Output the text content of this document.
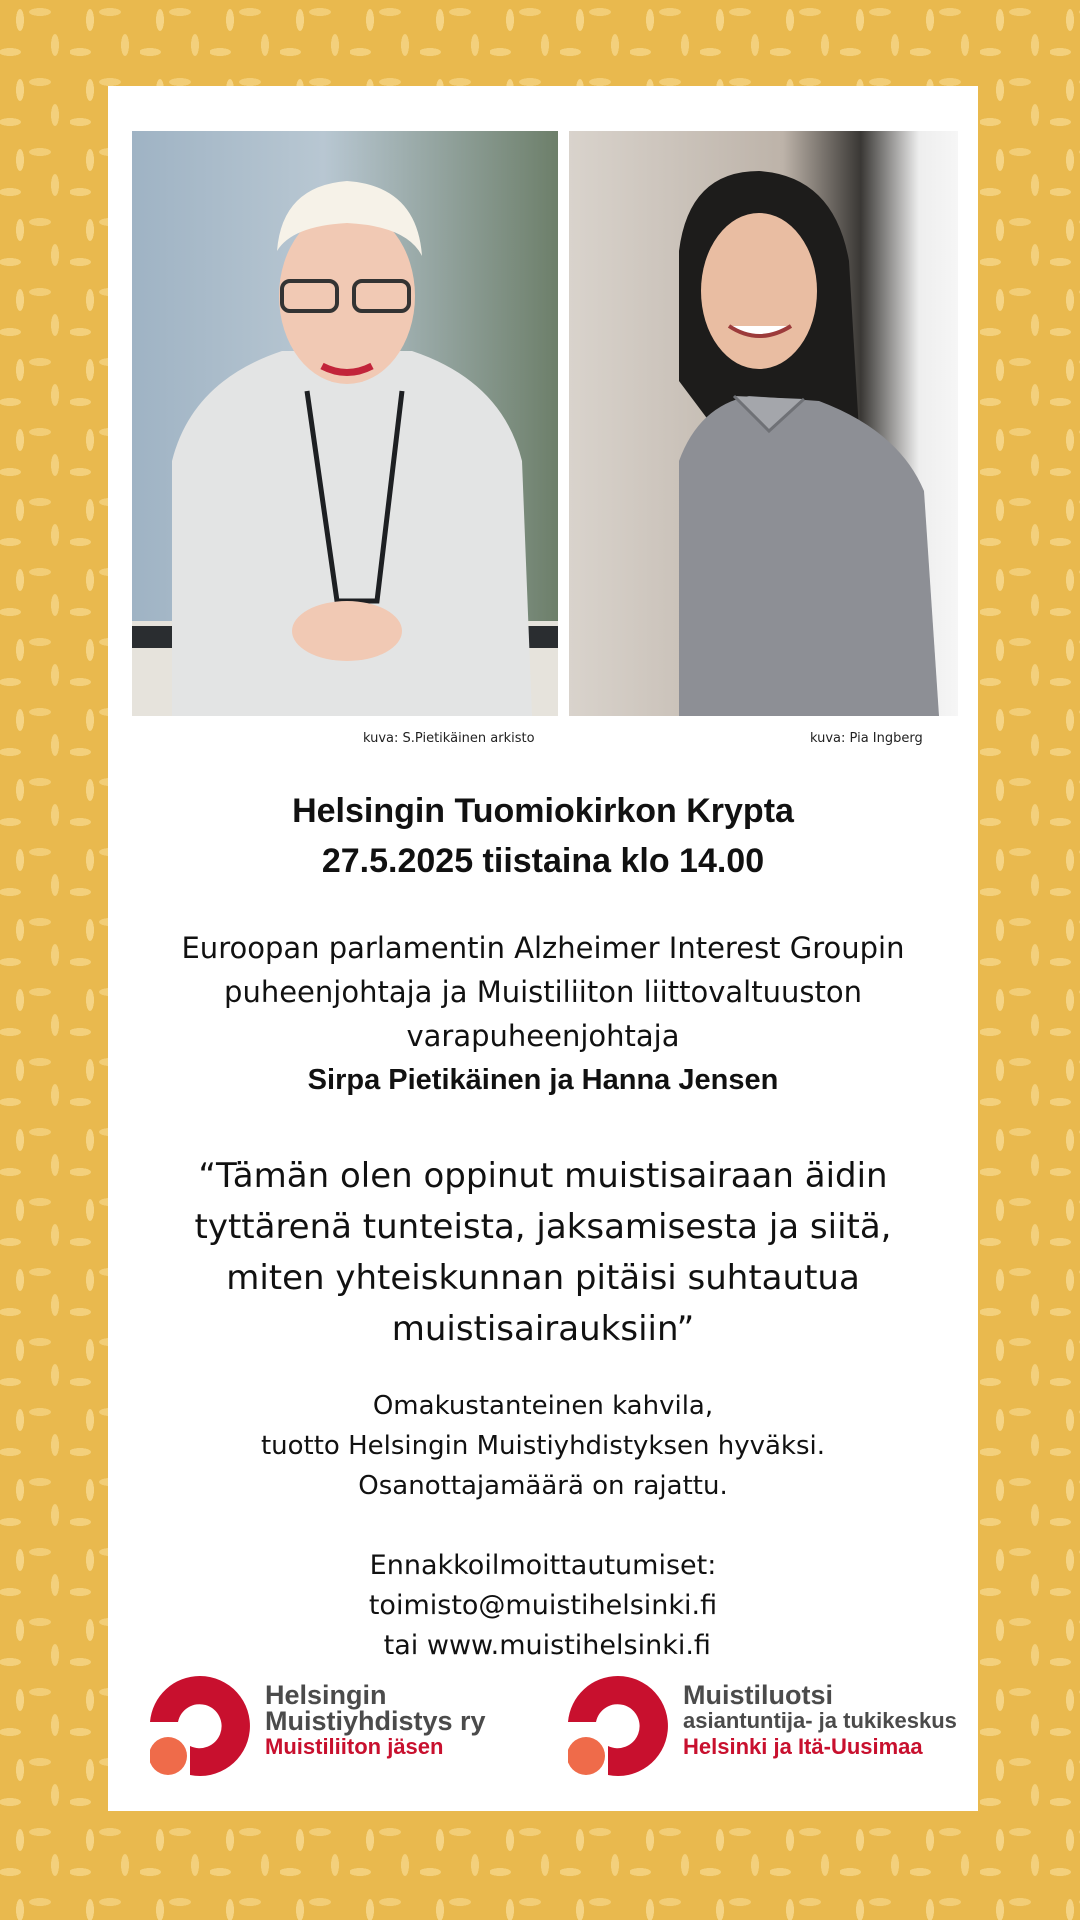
kuva: S.Pietikäinen arkisto	kuva: Pia Ingberg
Helsingin Tuomiokirkon Krypta
27.5.2025 tiistaina klo 14.00
Euroopan parlamentin Alzheimer Interest Groupin
puheenjohtaja ja Muistiliiton liittovaltuuston
varapuheenjohtaja
Sirpa Pietikäinen ja Hanna Jensen
“Tämän olen oppinut muistisairaan äidin
tyttärenä tunteista, jaksamisesta ja siitä,
miten yhteiskunnan pitäisi suhtautua
muistisairauksiin”
Omakustanteinen kahvila,
tuotto Helsingin Muistiyhdistyksen hyväksi.
Osanottajamäärä on rajattu.
Ennakkoilmoittautumiset:
toimisto@muistihelsinki.fi
tai www.muistihelsinki.fi
Helsingin
Muistiyhdistys ry
Muistiliiton jäsen
Muistiluotsi
asiantuntija- ja tukikeskus
Helsinki ja Itä-Uusimaa
